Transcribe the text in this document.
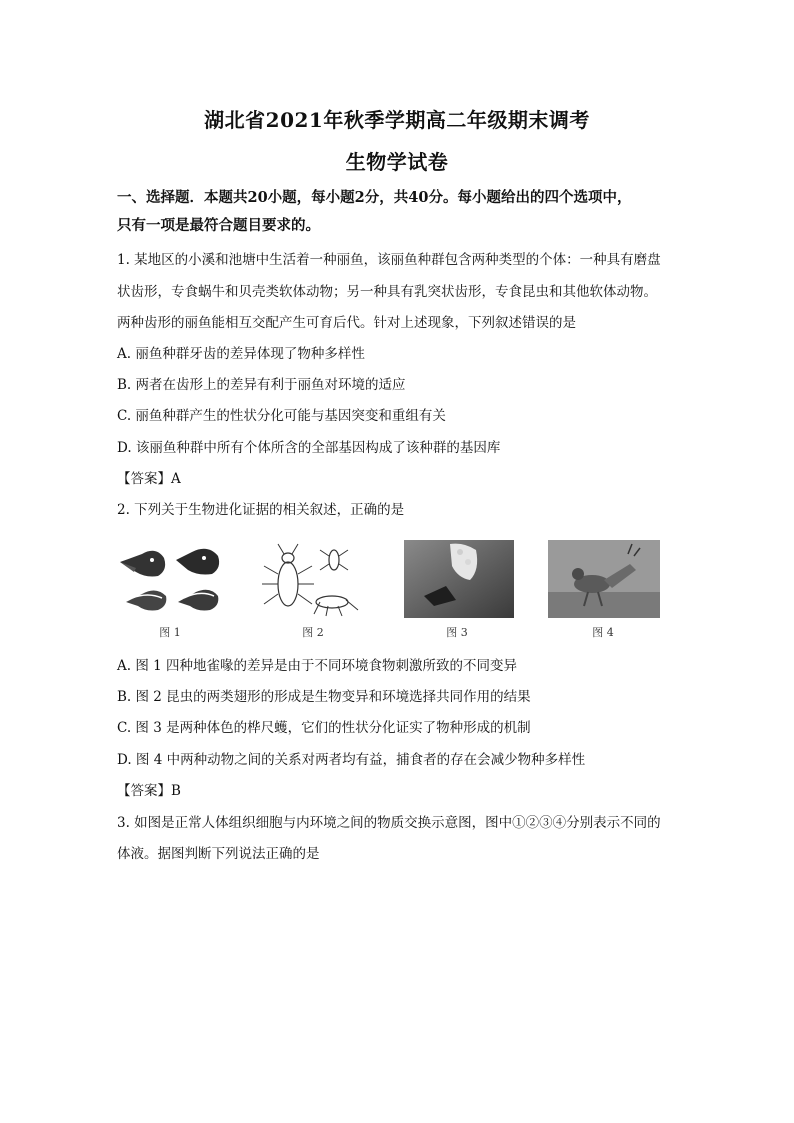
湖北省2021年秋季学期高二年级期末调考
生物学试卷
一、选择题．本题共20小题，每小题2分，共40分。每小题给出的四个选项中，
只有一项是最符合题目要求的。
1. 某地区的小溪和池塘中生活着一种丽鱼，该丽鱼种群包含两种类型的个体：一种具有磨盘
状齿形，专食蜗牛和贝壳类软体动物；另一种具有乳突状齿形，专食昆虫和其他软体动物。
两种齿形的丽鱼能相互交配产生可育后代。针对上述现象，下列叙述错误的是
A. 丽鱼种群牙齿的差异体现了物种多样性
B. 两者在齿形上的差异有利于丽鱼对环境的适应
C. 丽鱼种群产生的性状分化可能与基因突变和重组有关
D. 该丽鱼种群中所有个体所含的全部基因构成了该种群的基因库
【答案】A
2. 下列关于生物进化证据的相关叙述，正确的是
图 1	图 2	图 3	图 4
A. 图 1 四种地雀喙的差异是由于不同环境食物刺激所致的不同变异
B. 图 2 昆虫的两类翅形的形成是生物变异和环境选择共同作用的结果
C. 图 3 是两种体色的桦尺蠖，它们的性状分化证实了物种形成的机制
D. 图 4 中两种动物之间的关系对两者均有益，捕食者的存在会减少物种多样性
【答案】B
3. 如图是正常人体组织细胞与内环境之间的物质交换示意图，图中①②③④分别表示不同的
体液。据图判断下列说法正确的是
